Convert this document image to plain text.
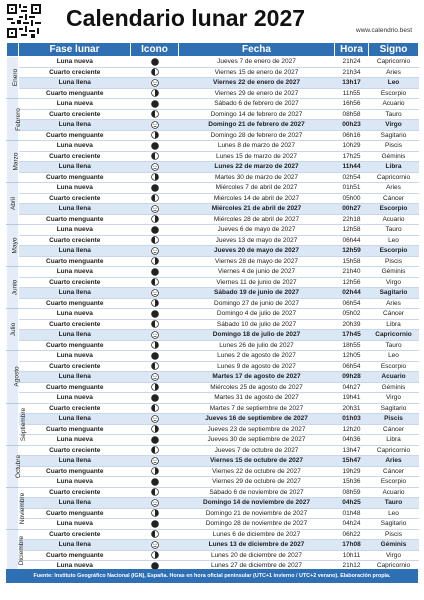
Calendario lunar 2027	www.calendrio.best
	Fase lunar	Icono	Fecha	Hora	Signo
Enero	Luna nueva		Jueves 7 de enero de 2027	21h24	Capricornio
	Cuarto creciente		Viernes 15 de enero de 2027	21h34	Aries
	Luna llena		Viernes 22 de enero de 2027	13h17	Leo
	Cuarto menguante		Viernes 29 de enero de 2027	11h55	Escorpio
Febrero	Luna nueva		Sábado 6 de febrero de 2027	16h56	Acuario
	Cuarto creciente		Domingo 14 de febrero de 2027	08h58	Tauro
	Luna llena		Domingo 21 de febrero de 2027	00h23	Virgo
	Cuarto menguante		Domingo 28 de febrero de 2027	06h16	Sagitario
Marzo	Luna nueva		Lunes 8 de marzo de 2027	10h29	Piscis
	Cuarto creciente		Lunes 15 de marzo de 2027	17h25	Géminis
	Luna llena		Lunes 22 de marzo de 2027	11h44	Libra
	Cuarto menguante		Martes 30 de marzo de 2027	02h54	Capricornio
Abril	Luna nueva		Miércoles 7 de abril de 2027	01h51	Aries
	Cuarto creciente		Miércoles 14 de abril de 2027	05h00	Cáncer
	Luna llena		Miércoles 21 de abril de 2027	00h27	Escorpio
	Cuarto menguante		Miércoles 28 de abril de 2027	22h18	Acuario
Mayo	Luna nueva		Jueves 6 de mayo de 2027	12h58	Tauro
	Cuarto creciente		Jueves 13 de mayo de 2027	06h44	Leo
	Luna llena		Jueves 20 de mayo de 2027	12h59	Escorpio
	Cuarto menguante		Viernes 28 de mayo de 2027	15h58	Piscis
Junio	Luna nueva		Viernes 4 de junio de 2027	21h40	Géminis
	Cuarto creciente		Viernes 11 de junio de 2027	12h56	Virgo
	Luna llena		Sábado 19 de junio de 2027	02h44	Sagitario
	Cuarto menguante		Domingo 27 de junio de 2027	06h54	Aries
Julio	Luna nueva		Domingo 4 de julio de 2027	05h02	Cáncer
	Cuarto creciente		Sábado 10 de julio de 2027	20h39	Libra
	Luna llena		Domingo 18 de julio de 2027	17h45	Capricornio
	Cuarto menguante		Lunes 26 de julio de 2027	18h55	Tauro
Agosto	Luna nueva		Lunes 2 de agosto de 2027	12h05	Leo
	Cuarto creciente		Lunes 9 de agosto de 2027	06h54	Escorpio
	Luna llena		Martes 17 de agosto de 2027	09h28	Acuario
	Cuarto menguante		Miércoles 25 de agosto de 2027	04h27	Géminis
	Luna nueva		Martes 31 de agosto de 2027	19h41	Virgo
Septiembre	Cuarto creciente		Martes 7 de septiembre de 2027	20h31	Sagitario
	Luna llena		Jueves 16 de septiembre de 2027	01h03	Piscis
	Cuarto menguante		Jueves 23 de septiembre de 2027	12h20	Cáncer
	Luna nueva		Jueves 30 de septiembre de 2027	04h36	Libra
Octubre	Cuarto creciente		Jueves 7 de octubre de 2027	13h47	Capricornio
	Luna llena		Viernes 15 de octubre de 2027	15h47	Aries
	Cuarto menguante		Viernes 22 de octubre de 2027	19h29	Cáncer
	Luna nueva		Viernes 29 de octubre de 2027	15h36	Escorpio
Noviembre	Cuarto creciente		Sábado 6 de noviembre de 2027	08h59	Acuario
	Luna llena		Domingo 14 de noviembre de 2027	04h25	Tauro
	Cuarto menguante		Domingo 21 de noviembre de 2027	01h48	Leo
	Luna nueva		Domingo 28 de noviembre de 2027	04h24	Sagitario
Diciembre	Cuarto creciente		Lunes 6 de diciembre de 2027	06h22	Piscis
	Luna llena		Lunes 13 de diciembre de 2027	17h08	Géminis
	Cuarto menguante		Lunes 20 de diciembre de 2027	10h11	Virgo
	Luna nueva		Lunes 27 de diciembre de 2027	21h12	Capricornio
Fuente: Instituto Geográfico Nacional (IGN), España. Horas en hora oficial peninsular (UTC+1 invierno / UTC+2 verano). Elaboración propia.
